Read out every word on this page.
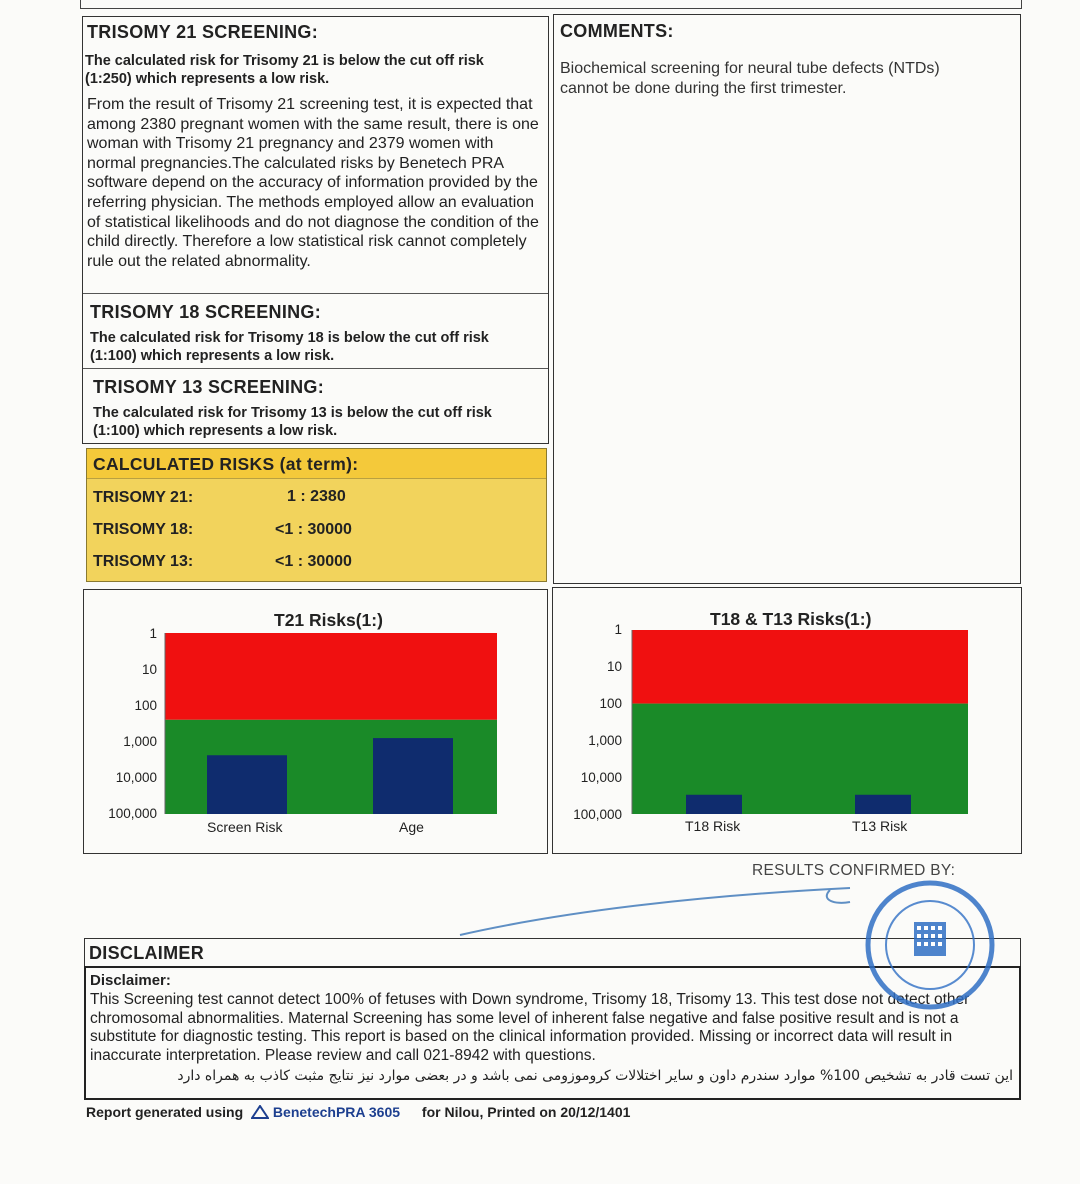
TRISOMY 21 SCREENING:
The calculated risk for Trisomy 21 is below the cut off risk (1:250) which represents a low risk.
From the result of Trisomy 21 screening test, it is expected that among 2380 pregnant women with the same result, there is one woman with Trisomy 21 pregnancy and 2379 women with normal pregnancies.The calculated risks by Benetech PRA software depend on the accuracy of information provided by the referring physician. The methods employed allow an evaluation of statistical likelihoods and do not diagnose the condition of the child directly. Therefore a low statistical risk cannot completely rule out the related abnormality.
TRISOMY 18 SCREENING:
The calculated risk for Trisomy 18 is below the cut off risk (1:100) which represents a low risk.
TRISOMY 13 SCREENING:
The calculated risk for Trisomy 13 is below the cut off risk (1:100) which represents a low risk.
CALCULATED RISKS (at term):
TRISOMY 21:	1 : 2380
TRISOMY 18:	<1 : 30000
TRISOMY 13:	<1 : 30000
COMMENTS:
Biochemical screening for neural tube defects (NTDs) cannot be done during the first trimester.
T21 Risks(1:)
1
10
100
1,000
10,000
100,000
Screen Risk	Age
T18 & T13 Risks(1:)
1
10
100
1,000
10,000
100,000
T18 Risk	T13 Risk
RESULTS CONFIRMED BY:
DISCLAIMER
Disclaimer:
This Screening test cannot detect 100% of fetuses with Down syndrome, Trisomy 18, Trisomy 13. This test dose not detect other chromosomal abnormalities. Maternal Screening has some level of inherent false negative and false positive result and is not a substitute for diagnostic testing. This report is based on the clinical information provided. Missing or incorrect data will result in inaccurate interpretation. Please review and call 021-8942 with questions.
این تست قادر به تشخیص 100% موارد سندرم داون و سایر اختلالات کروموزومی نمی باشد و در بعضی موارد نیز نتایج مثبت کاذب به همراه دارد
Report generated using BenetechPRA 3605 for Nilou, Printed on 20/12/1401
